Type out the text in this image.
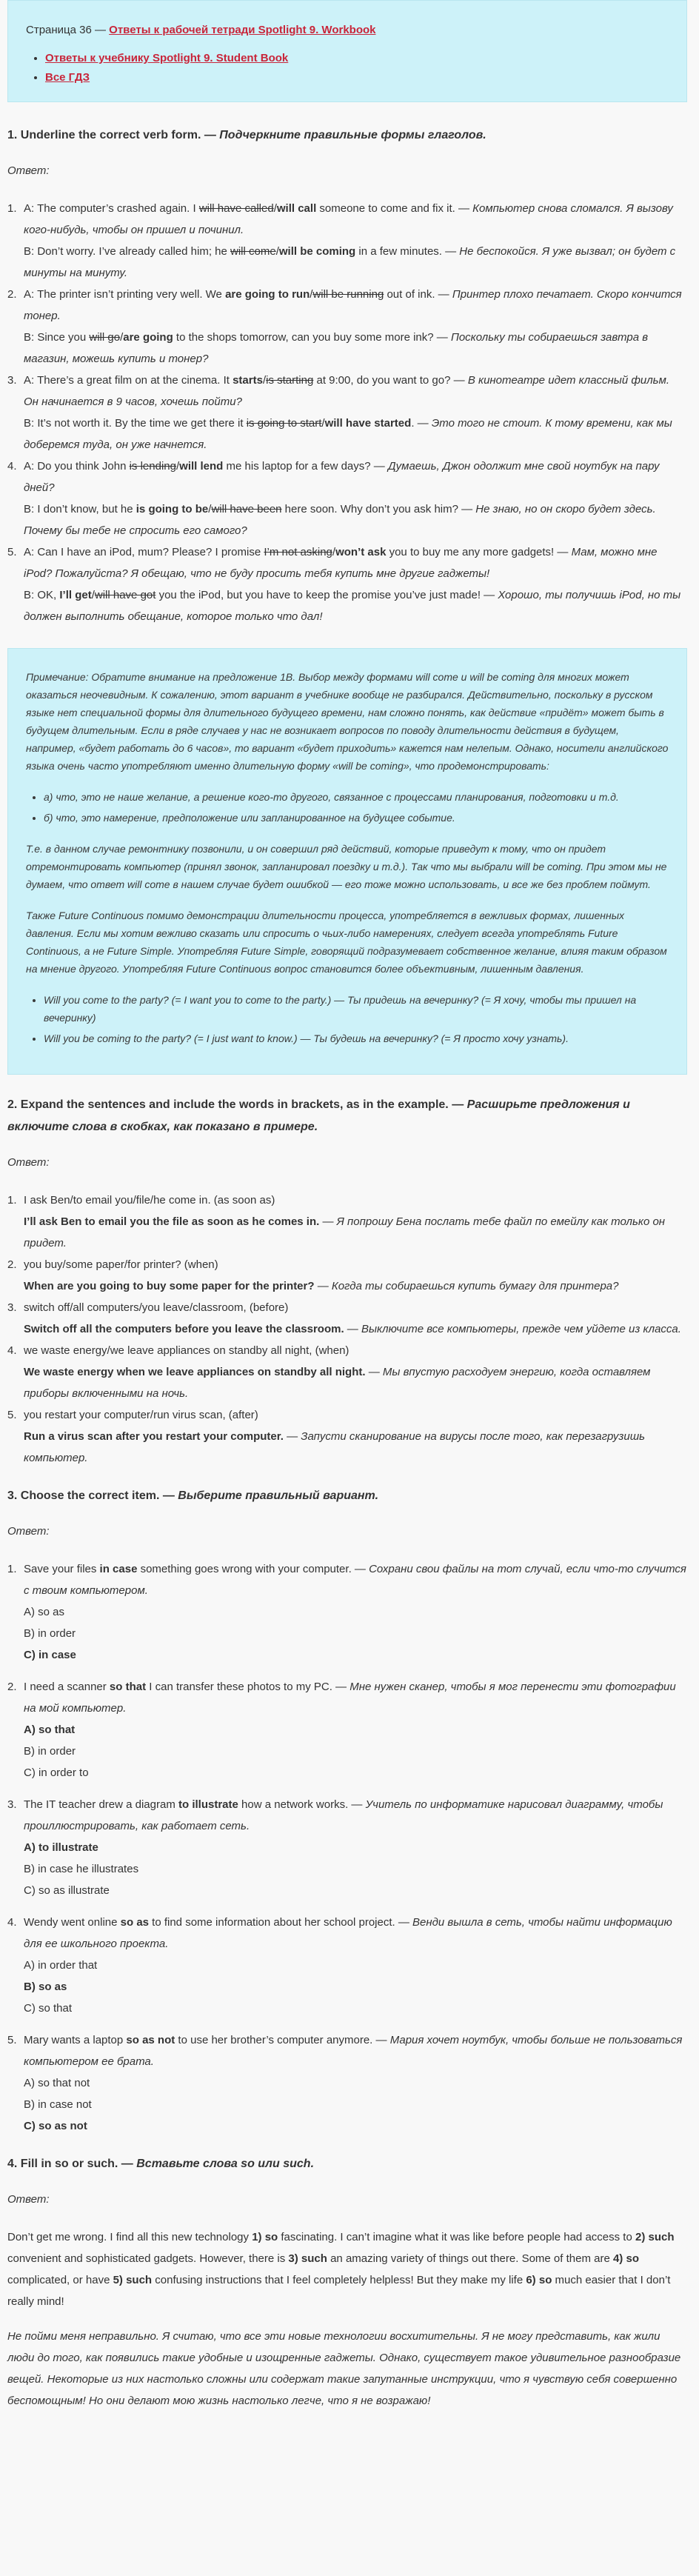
Страница 36 — Ответы к рабочей тетради Spotlight 9. Workbook
• Ответы к учебнику Spotlight 9. Student Book
• Все ГДЗ
1. Underline the correct verb form. — Подчеркните правильные формы глаголов.
Ответ:
1. A: The computer’s crashed again. I will have called/will call someone to come and fix it. — Компьютер снова сломался. Я вызову кого-нибудь, чтобы он пришел и починил.
B: Don’t worry. I’ve already called him; he will come/will be coming in a few minutes. — Не беспокойся. Я уже вызвал; он будет с минуты на минуту.
2. A: The printer isn’t printing very well. We are going to run/will be running out of ink. — Принтер плохо печатает. Скоро кончится тонер.
B: Since you will go/are going to the shops tomorrow, can you buy some more ink? — Поскольку ты собираешься завтра в магазин, можешь купить и тонер?
3. A: There’s a great film on at the cinema. It starts/is starting at 9:00, do you want to go? — В кинотеатре идет классный фильм. Он начинается в 9 часов, хочешь пойти?
B: It’s not worth it. By the time we get there it is going to start/will have started. — Это того не стоит. К тому времени, как мы доберемся туда, он уже начнется.
4. A: Do you think John is lending/will lend me his laptop for a few days? — Думаешь, Джон одолжит мне свой ноутбук на пару дней?
B: I don’t know, but he is going to be/will have been here soon. Why don’t you ask him? — Не знаю, но он скоро будет здесь. Почему бы тебе не спросить его самого?
5. A: Can I have an iPod, mum? Please? I promise I’m not asking/won’t ask you to buy me any more gadgets! — Мам, можно мне iPod? Пожалуйста? Я обещаю, что не буду просить тебя купить мне другие гаджеты!
B: OK, I’ll get/will have got you the iPod, but you have to keep the promise you’ve just made! — Хорошо, ты получишь iPod, но ты должен выполнить обещание, которое только что дал!

Примечание: Обратите внимание на предложение 1B. Выбор между формами will come и will be coming для многих может оказаться неочевидным. К сожалению, этот вариант в учебнике вообще не разбирался. Действительно, поскольку в русском языке нет специальной формы для длительного будущего времени, нам сложно понять, как действие «придёт» может быть в будущем длительным. Если в рядe случаев у нас не возникает вопросов по поводу длительности действия в будущем, например, «будет работать до 6 часов», то вариант «будет приходить» кажется нам нелепым. Однако, носители английского языка очень часто употребляют именно длительную форму «will be coming», что продемонстрировать:

• а) что, это не наше желание, а решение кого-то другого, связанное с процессами планирования, подготовки и т.д.
• б) что, это намерение, предположение или запланированное на будущее событие.

Т.е. в данном случае ремонтнику позвонили, и он совершил ряд действий, которые приведут к тому, что он придет отремонтировать компьютер (принял звонок, запланировал поездку и т.д.). Так что мы выбрали will be coming. При этом мы не думаем, что ответ will come в нашем случае будет ошибкой — его тоже можно использовать, и все же без проблем поймут.

Также Future Continuous помимо демонстрации длительности процесса, употребляется в вежливых формах, лишенных давления. Если мы хотим вежливо сказать или спросить о чьих-либо намерениях, следует всегда употреблять Future Continuous, а не Future Simple. Употребляя Future Simple, говорящий подразумевает собственное желание, влияя таким образом на мнение другого. Употребляя Future Continuous вопрос становится более объективным, лишенным давления.

• Will you come to the party? (= I want you to come to the party.) — Ты придешь на вечеринку? (= Я хочу, чтобы ты пришел на вечеринку)
• Will you be coming to the party? (= I just want to know.) — Ты будешь на вечеринку? (= Я просто хочу узнать).
2. Expand the sentences and include the words in brackets, as in the example. — Расширьте предложения и включите слова в скобках, как показано в примере.
Ответ:
1. I ask Ben/to email you/file/he come in. (as soon as)
I’ll ask Ben to email you the file as soon as he comes in. — Я попрошу Бена послать тебе файл по емейлу как только он придет.
2. you buy/some paper/for printer? (when)
When are you going to buy some paper for the printer? — Когда ты собираешься купить бумагу для принтера?
3. switch off/all computers/you leave/classroom, (before)
Switch off all the computers before you leave the classroom. — Выключите все компьютеры, прежде чем уйдете из класса.
4. we waste energy/we leave appliances on standby all night, (when)
We waste energy when we leave appliances on standby all night. — Мы впустую расходуем энергию, когда оставляем приборы включенными на ночь.
5. you restart your computer/run virus scan, (after)
Run a virus scan after you restart your computer. — Запусти сканирование на вирусы после того, как перезагрузишь компьютер.
3. Choose the correct item. — Выберите правильный вариант.
Ответ:
1. Save your files in case something goes wrong with your computer. — Сохрани свои файлы на тот случай, если что-то случится с твоим компьютером.
A) so as
B) in order
C) in case
2. I need a scanner so that I can transfer these photos to my PC. — Мне нужен сканер, чтобы я мог перенести эти фотографии на мой компьютер.
A) so that
B) in order
C) in order to
3. The IT teacher drew a diagram to illustrate how a network works. — Учитель по информатике нарисовал диаграмму, чтобы проиллюстрировать, как работает сеть.
A) to illustrate
B) in case he illustrates
C) so as illustrate
4. Wendy went online so as to find some information about her school project. — Венди вышла в сеть, чтобы найти информацию для ее школьного проекта.
A) in order that
B) so as
C) so that
5. Mary wants a laptop so as not to use her brother’s computer anymore. — Мария хочет ноутбук, чтобы больше не пользоваться компьютером ее брата.
A) so that not
B) in case not
C) so as not
4. Fill in so or such. — Вставьте слова so или such.
Ответ:

Don’t get me wrong. I find all this new technology 1) so fascinating. I can’t imagine what it was like before people had access to 2) such convenient and sophisticated gadgets. However, there is 3) such an amazing variety of things out there. Some of them are 4) so complicated, or have 5) such confusing instructions that I feel completely helpless! But they make my life 6) so much easier that I don’t really mind!

Не пойми меня неправильно. Я считаю, что все эти новые технологии восхитительны. Я не могу представить, как жили люди до того, как появились такие удобные и изощренные гаджеты. Однако, существует такое удивительное разнообразие вещей. Некоторые из них настолько сложны или содержат такие запутанные инструкции, что я чувствую себя совершенно беспомощным! Но они делают мою жизнь настолько легче, что я не возражаю!
